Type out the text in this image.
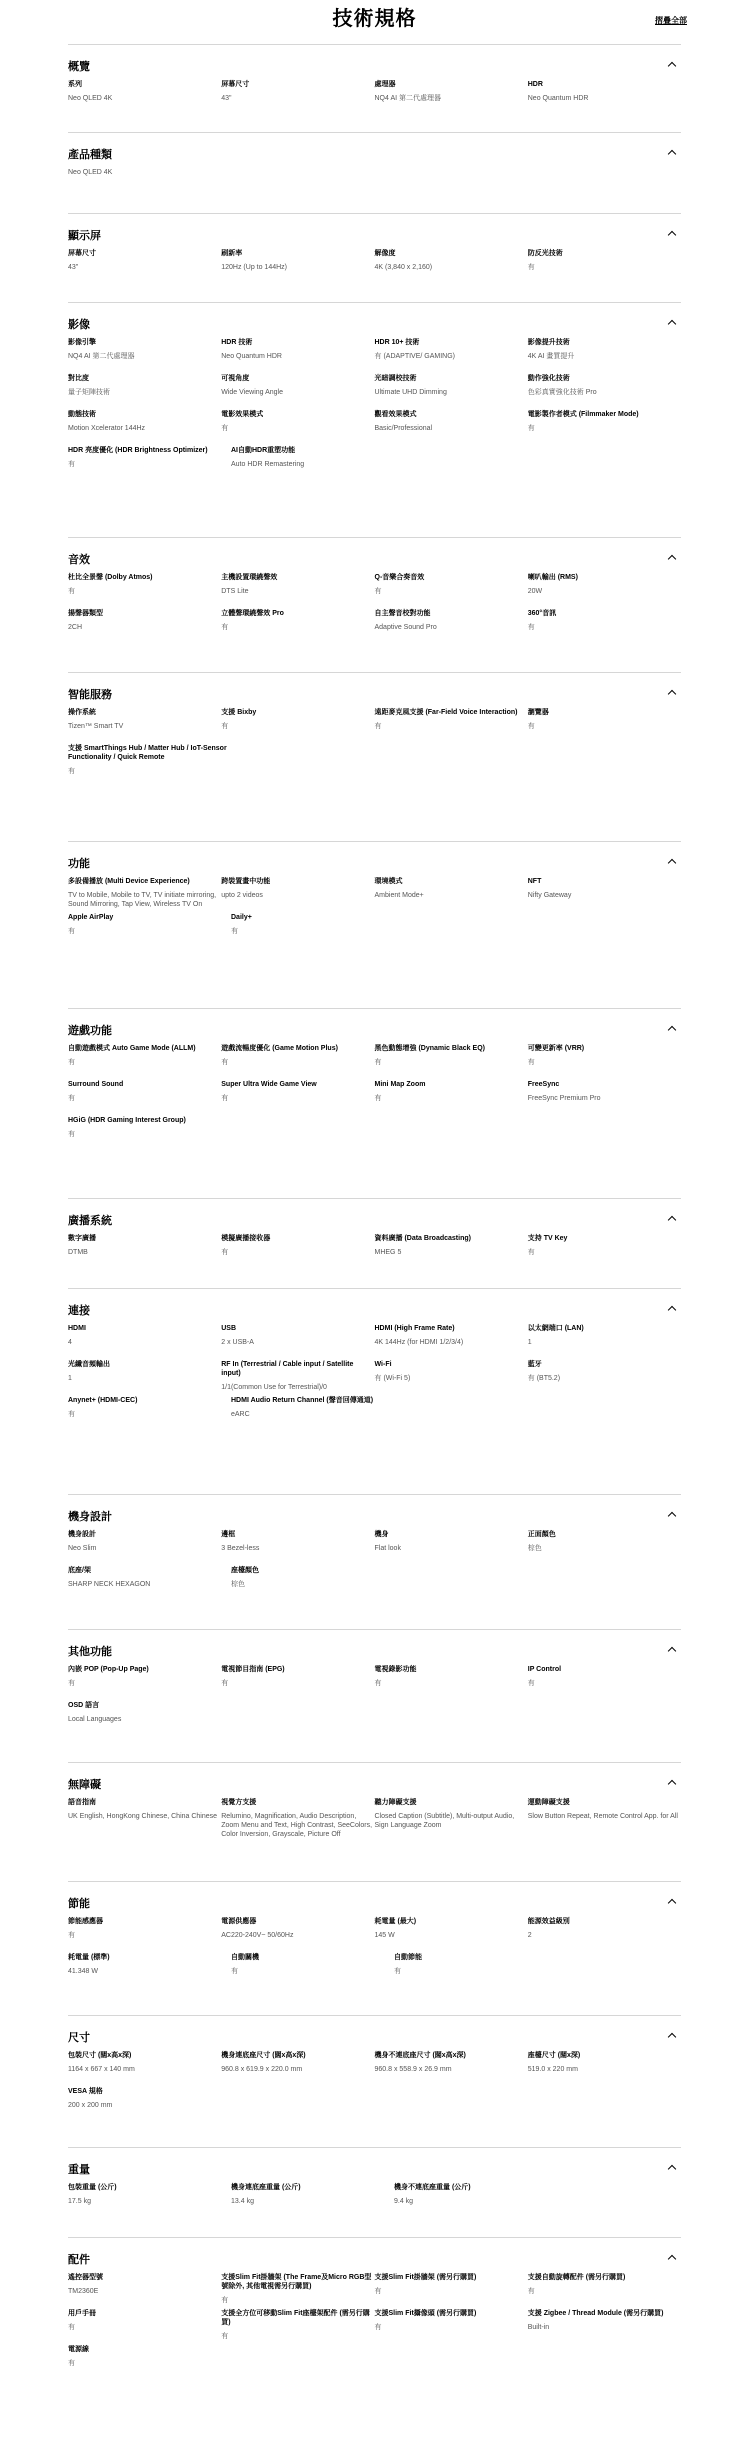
技術規格	摺疊全部
概覽
系列
Neo QLED 4K
屏幕尺寸
43"
處理器
NQ4 AI 第二代處理器
HDR
Neo Quantum HDR
產品種類
Neo QLED 4K
顯示屏
屏幕尺寸
43"
刷新率
120Hz (Up to 144Hz)
解像度
4K (3,840 x 2,160)
防反光技術
有
影像
影像引擎
NQ4 AI 第二代處理器
HDR 技術
Neo Quantum HDR
HDR 10+ 技術
有 (ADAPTIVE/ GAMING)
影像提升技術
4K AI 畫質提升
對比度
量子矩陣技術
可視角度
Wide Viewing Angle
光暗調校技術
Ultimate UHD Dimming
動作強化技術
色彩真實強化技術 Pro
動態技術
Motion Xcelerator 144Hz
電影效果模式
有
觀看效果模式
Basic/Professional
電影製作者模式 (Filmmaker Mode)
有
HDR 亮度優化 (HDR Brightness Optimizer)
有
AI自動HDR重塑功能
Auto HDR Remastering
音效
杜比全景聲 (Dolby Atmos)
有
主機設置環繞聲效
DTS Lite
Q-音樂合奏音效
有
喇叭輸出 (RMS)
20W
揚聲器類型
2CH
立體聲環繞聲效 Pro
有
自主聲音校對功能
Adaptive Sound Pro
360°音訊
有
智能服務
操作系統
Tizen™ Smart TV
支援 Bixby
有
遠距麥克風支援 (Far-Field Voice Interaction)
有
瀏覽器
有
支援 SmartThings Hub / Matter Hub / IoT-Sensor Functionality / Quick Remote
有
功能
多設備播放 (Multi Device Experience)
TV to Mobile, Mobile to TV, TV initiate mirroring, Sound Mirroring, Tap View, Wireless TV On
跨裝置畫中功能
upto 2 videos
環境模式
Ambient Mode+
NFT
Nifty Gateway
Apple AirPlay
有
Daily+
有
遊戲功能
自動遊戲模式 Auto Game Mode (ALLM)
有
遊戲流暢度優化 (Game Motion Plus)
有
黑色動態增強 (Dynamic Black EQ)
有
可變更新率 (VRR)
有
Surround Sound
有
Super Ultra Wide Game View
有
Mini Map Zoom
有
FreeSync
FreeSync Premium Pro
HGiG (HDR Gaming Interest Group)
有
廣播系統
數字廣播
DTMB
模擬廣播接收器
有
資料廣播 (Data Broadcasting)
MHEG 5
支持 TV Key
有
連接
HDMI
4
USB
2 x USB-A
HDMI (High Frame Rate)
4K 144Hz (for HDMI 1/2/3/4)
以太網端口 (LAN)
1
光纖音頻輸出
1
RF In (Terrestrial / Cable input / Satellite input)
1/1(Common Use for Terrestrial)/0
Wi-Fi
有 (Wi-Fi 5)
藍牙
有 (BT5.2)
Anynet+ (HDMI-CEC)
有
HDMI Audio Return Channel (聲音回傳通道)
eARC
機身設計
機身設計
Neo Slim
邊框
3 Bezel-less
機身
Flat look
正面顏色
棕色
底座/架
SHARP NECK HEXAGON
座檯顏色
棕色
其他功能
內嵌 POP (Pop-Up Page)
有
電視節目指南 (EPG)
有
電視錄影功能
有
IP Control
有
OSD 語言
Local Languages
無障礙
語音指南
UK English, HongKong Chinese, China Chinese
視覺方支援
Relumino, Magnification, Audio Description, Zoom Menu and Text, High Contrast, SeeColors, Color Inversion, Grayscale, Picture Off
聽力障礙支援
Closed Caption (Subtitle), Multi-output Audio, Sign Language Zoom
運動障礙支援
Slow Button Repeat, Remote Control App. for All
節能
節能感應器
有
電源供應器
AC220-240V~ 50/60Hz
耗電量 (最大)
145 W
能源效益級別
2
耗電量 (標準)
41.348 W
自動關機
有
自動節能
有
尺寸
包裝尺寸 (闊x高x深)
1164 x 667 x 140 mm
機身連底座尺寸 (闊x高x深)
960.8 x 619.9 x 220.0 mm
機身不連底座尺寸 (闊x高x深)
960.8 x 558.9 x 26.9 mm
座檯尺寸 (闊x深)
519.0 x 220 mm
VESA 規格
200 x 200 mm
重量
包裝重量 (公斤)
17.5 kg
機身連底座重量 (公斤)
13.4 kg
機身不連底座重量 (公斤)
9.4 kg
配件
遙控器型號
TM2360E
支援Slim Fit掛牆架 (The Frame及Micro RGB型號除外, 其他電視需另行購買)
有
支援Slim Fit掛牆架 (需另行購買)
有
支援自動旋轉配件 (需另行購買)
有
用戶手冊
有
支援全方位可移動Slim Fit座檯架配件 (需另行購買)
有
支援Slim Fit攝像頭 (需另行購買)
有
支援 Zigbee / Thread Module (需另行購買)
Built-in
電源線
有
